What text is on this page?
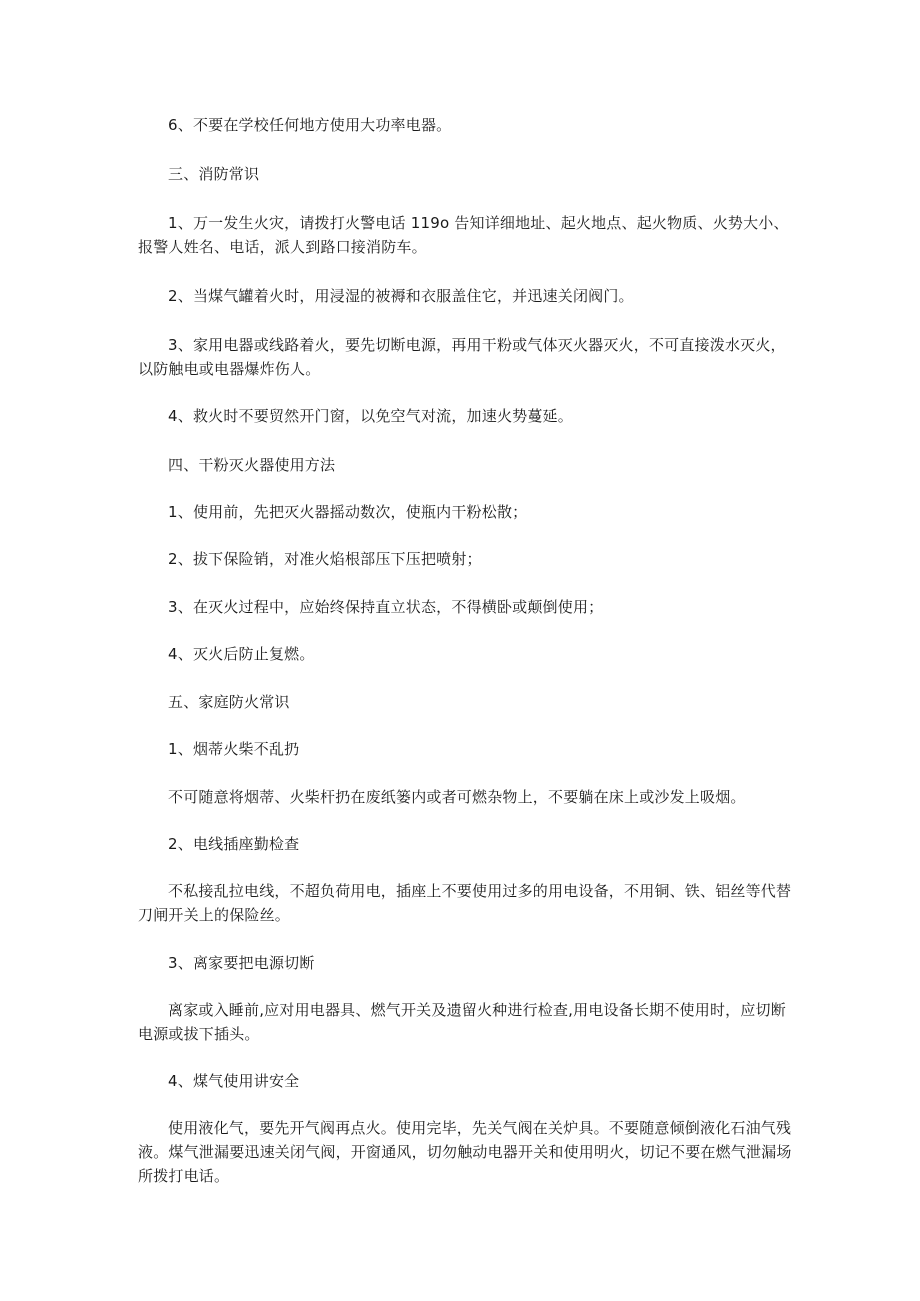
6、不要在学校任何地方使用大功率电器。

三、消防常识

1、万一发生火灾，请拨打火警电话 119o 告知详细地址、起火地点、起火物质、火势大小、报警人姓名、电话，派人到路口接消防车。

2、当煤气罐着火时，用浸湿的被褥和衣服盖住它，并迅速关闭阀门。

3、家用电器或线路着火，要先切断电源，再用干粉或气体灭火器灭火，不可直接泼水灭火，以防触电或电器爆炸伤人。

4、救火时不要贸然开门窗，以免空气对流，加速火势蔓延。

四、干粉灭火器使用方法

1、使用前，先把灭火器摇动数次，使瓶内干粉松散；

2、拔下保险销，对准火焰根部压下压把喷射；

3、在灭火过程中，应始终保持直立状态，不得横卧或颠倒使用；

4、灭火后防止复燃。

五、家庭防火常识

1、烟蒂火柴不乱扔

不可随意将烟蒂、火柴杆扔在废纸篓内或者可燃杂物上，不要躺在床上或沙发上吸烟。

2、电线插座勤检查

不私接乱拉电线，不超负荷用电，插座上不要使用过多的用电设备，不用铜、铁、铝丝等代替刀闸开关上的保险丝。

3、离家要把电源切断

离家或入睡前,应对用电器具、燃气开关及遗留火种进行检查,用电设备长期不使用时，应切断电源或拔下插头。

4、煤气使用讲安全

使用液化气，要先开气阀再点火。使用完毕，先关气阀在关炉具。不要随意倾倒液化石油气残液。煤气泄漏要迅速关闭气阀，开窗通风，切勿触动电器开关和使用明火，切记不要在燃气泄漏场所拨打电话。
